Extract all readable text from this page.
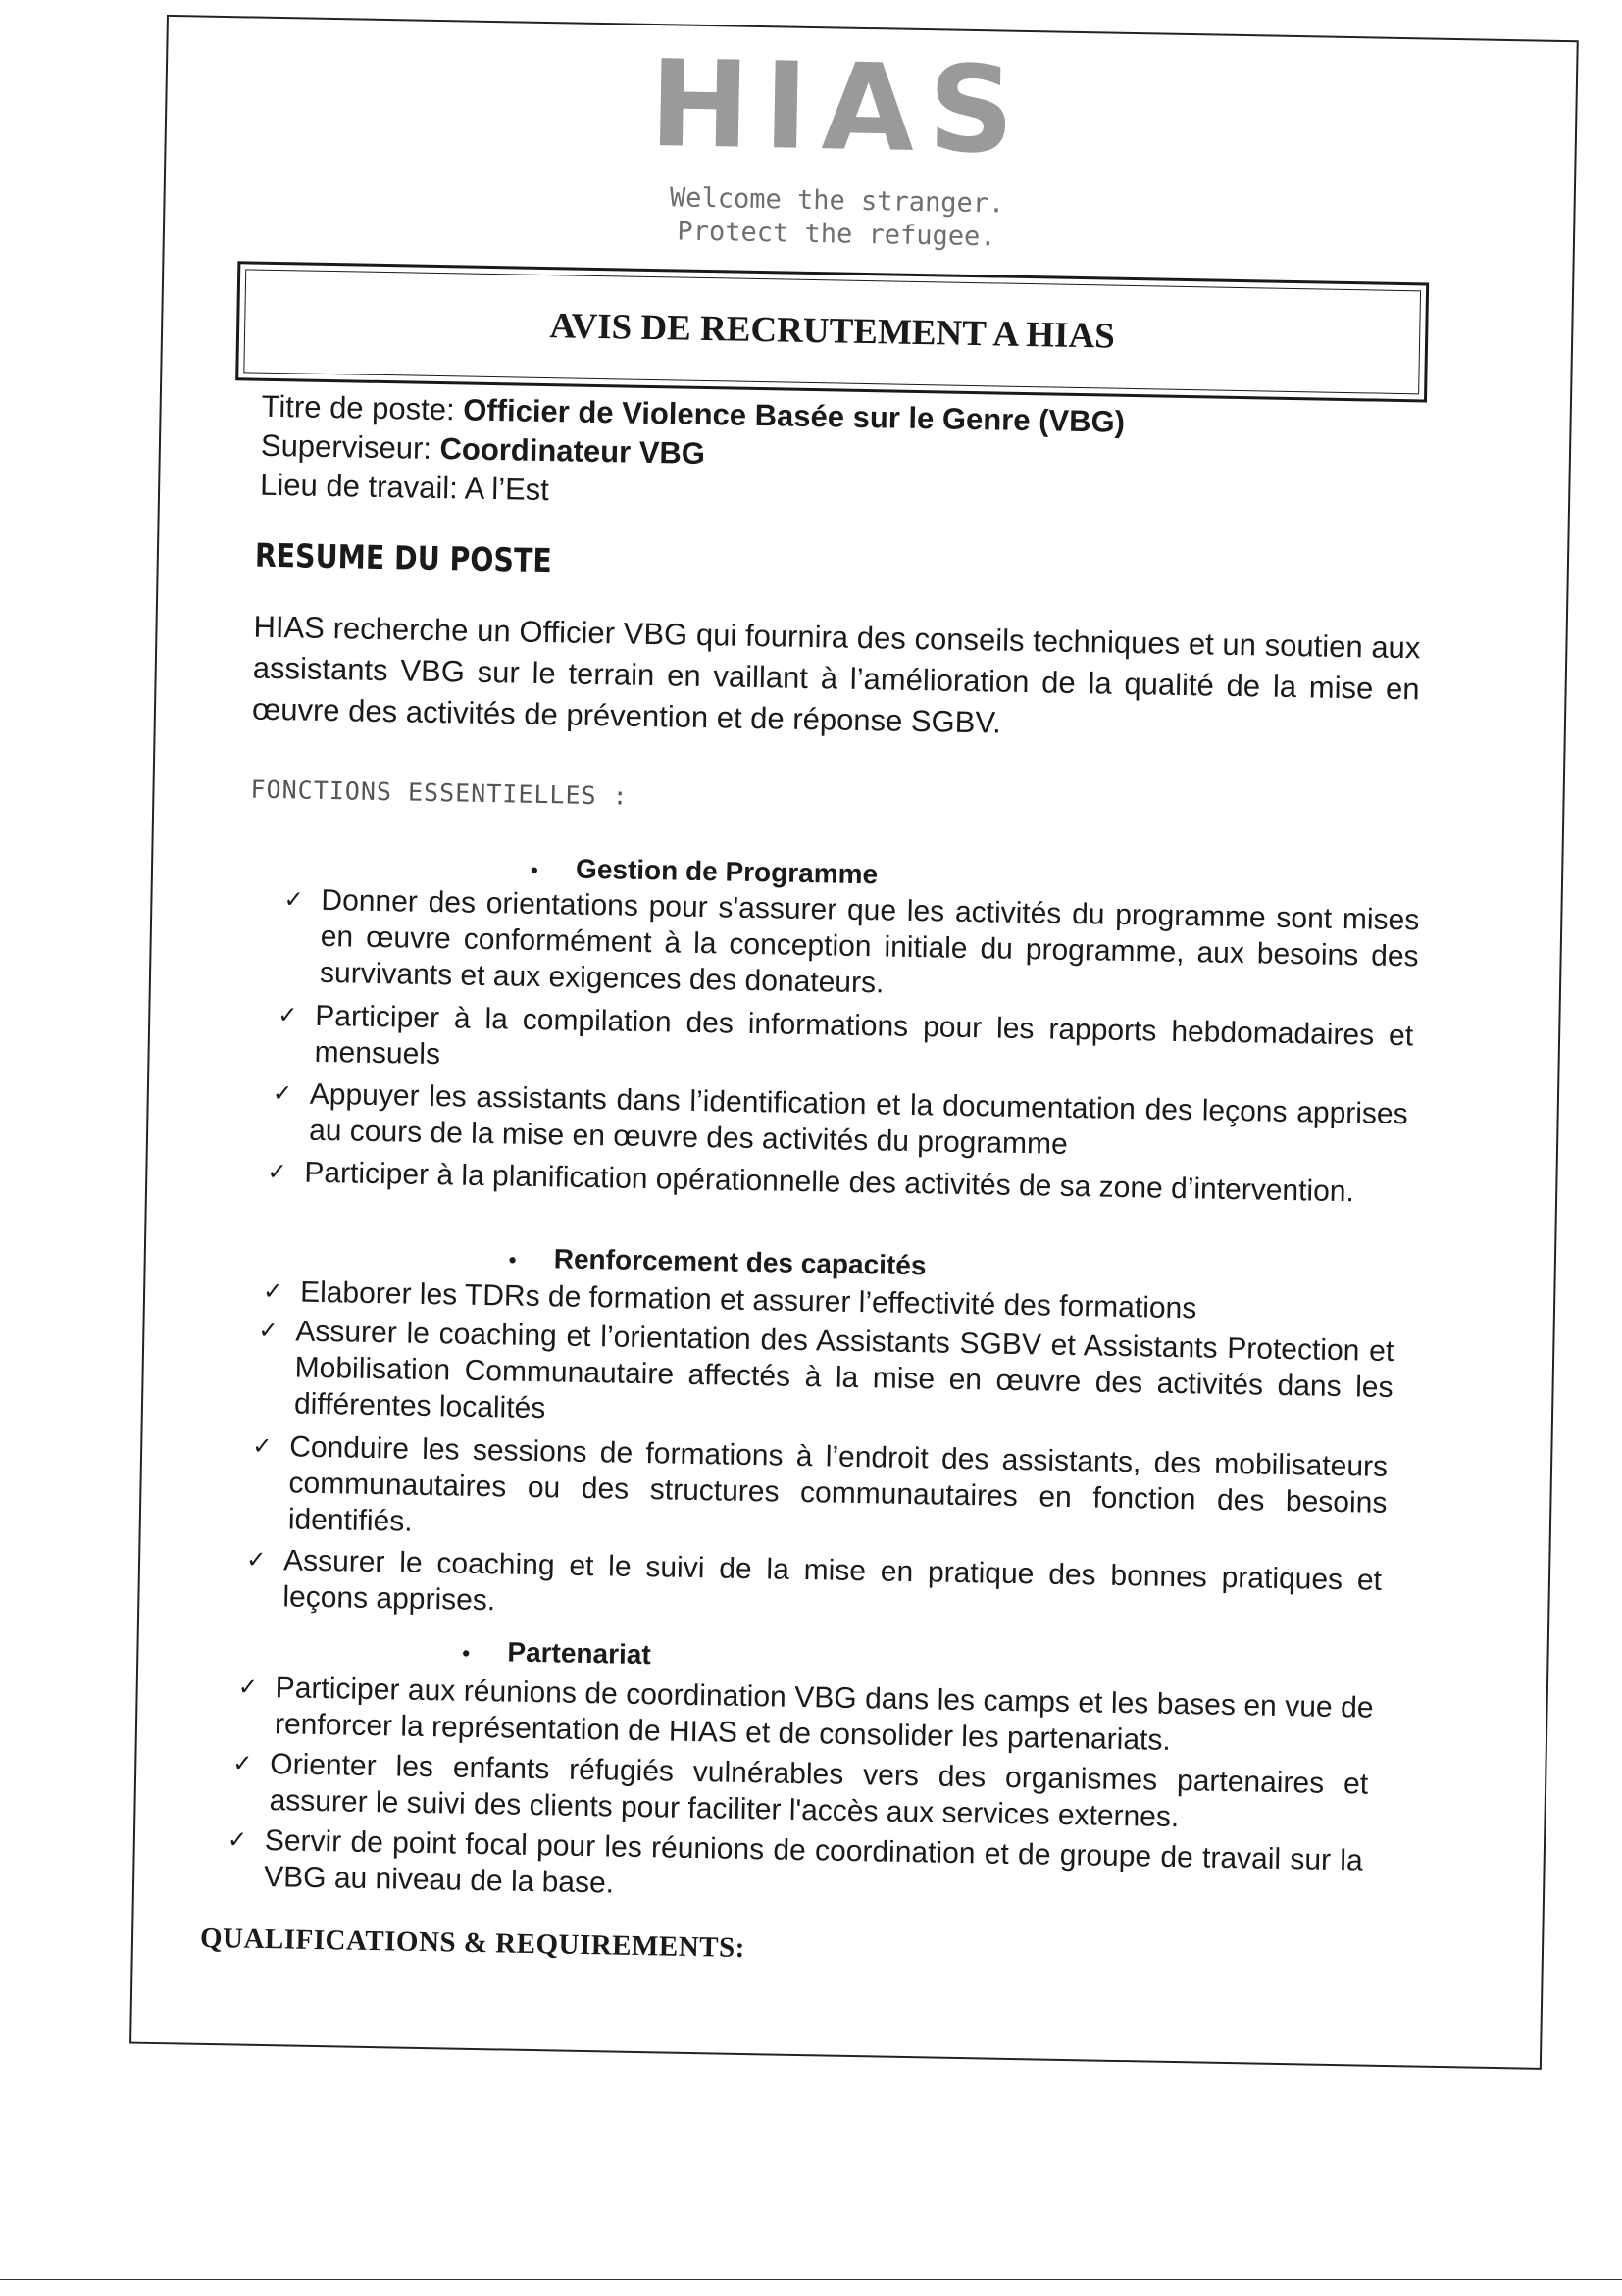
HIAS
Welcome the stranger.
Protect the refugee.
AVIS DE RECRUTEMENT A HIAS
Titre de poste: Officier de Violence Basée sur le Genre (VBG)
Superviseur: Coordinateur VBG
Lieu de travail: A l’Est
RESUME DU POSTE
HIAS recherche un Officier VBG qui fournira des conseils techniques et un soutien aux assistants VBG sur le terrain en vaillant à l’amélioration de la qualité de la mise en œuvre des activités de prévention et de réponse SGBV.
FONCTIONS ESSENTIELLES :
• Gestion de Programme
✓ Donner des orientations pour s'assurer que les activités du programme sont mises en œuvre conformément à la conception initiale du programme, aux besoins des survivants et aux exigences des donateurs.
✓ Participer à la compilation des informations pour les rapports hebdomadaires et mensuels
✓ Appuyer les assistants dans l’identification et la documentation des leçons apprises au cours de la mise en œuvre des activités du programme
✓ Participer à la planification opérationnelle des activités de sa zone d’intervention.
• Renforcement des capacités
✓ Elaborer les TDRs de formation et assurer l’effectivité des formations
✓ Assurer le coaching et l’orientation des Assistants SGBV et Assistants Protection et Mobilisation Communautaire affectés à la mise en œuvre des activités dans les différentes localités
✓ Conduire les sessions de formations à l’endroit des assistants, des mobilisateurs communautaires ou des structures communautaires en fonction des besoins identifiés.
✓ Assurer le coaching et le suivi de la mise en pratique des bonnes pratiques et leçons apprises.
• Partenariat
✓ Participer aux réunions de coordination VBG dans les camps et les bases en vue de renforcer la représentation de HIAS et de consolider les partenariats.
✓ Orienter les enfants réfugiés vulnérables vers des organismes partenaires et assurer le suivi des clients pour faciliter l'accès aux services externes.
✓ Servir de point focal pour les réunions de coordination et de groupe de travail sur la VBG au niveau de la base.
QUALIFICATIONS & REQUIREMENTS:
